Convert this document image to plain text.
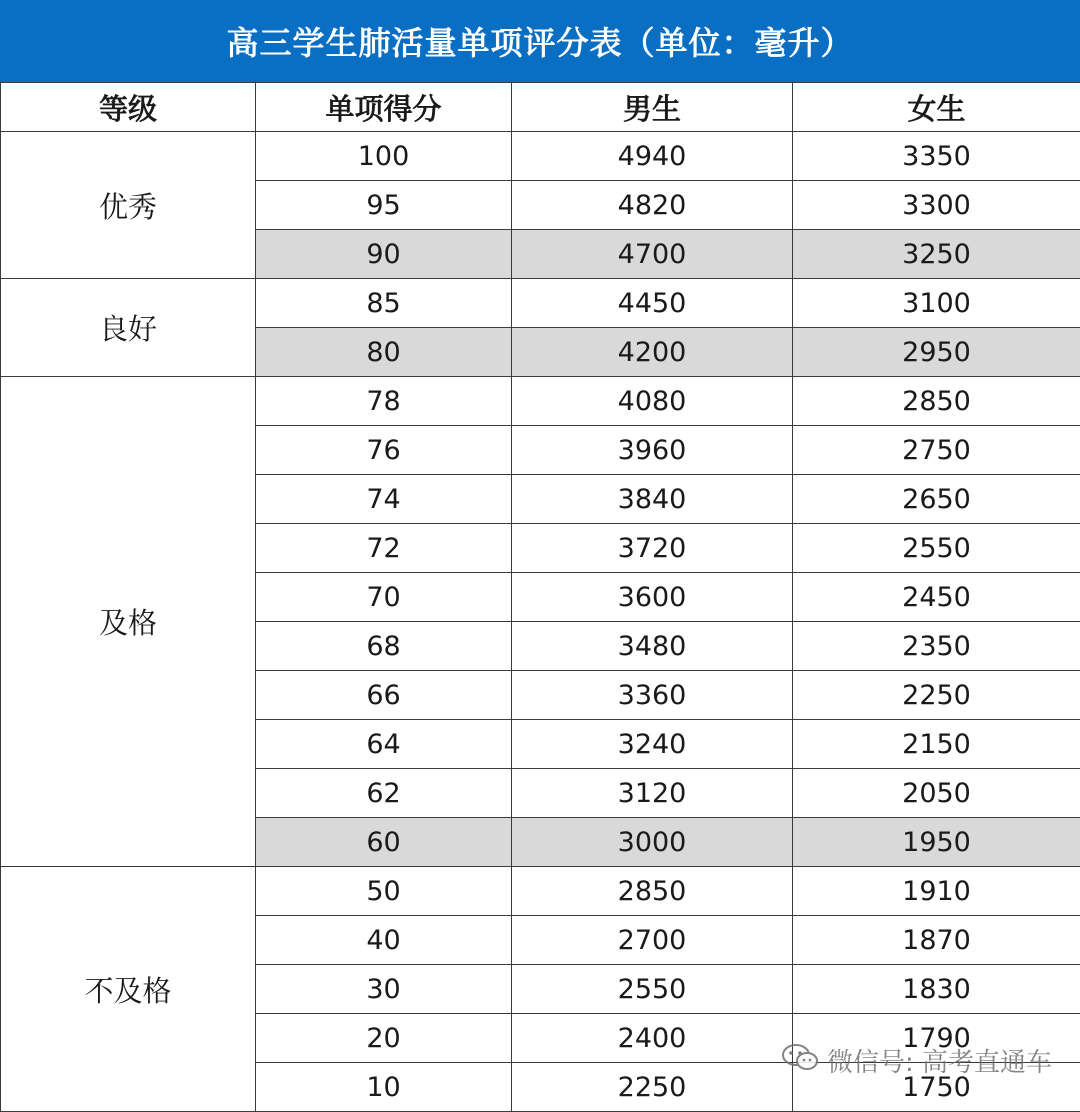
高三学生肺活量单项评分表（单位：毫升）
等级	单项得分	男生	女生
优秀	100	4940	3350
	95	4820	3300
	90	4700	3250
良好	85	4450	3100
	80	4200	2950
及格	78	4080	2850
	76	3960	2750
	74	3840	2650
	72	3720	2550
	70	3600	2450
	68	3480	2350
	66	3360	2250
	64	3240	2150
	62	3120	2050
	60	3000	1950
不及格	50	2850	1910
	40	2700	1870
	30	2550	1830
	20	2400	1790
	10	2250	1750
微信号: 高考直通车
